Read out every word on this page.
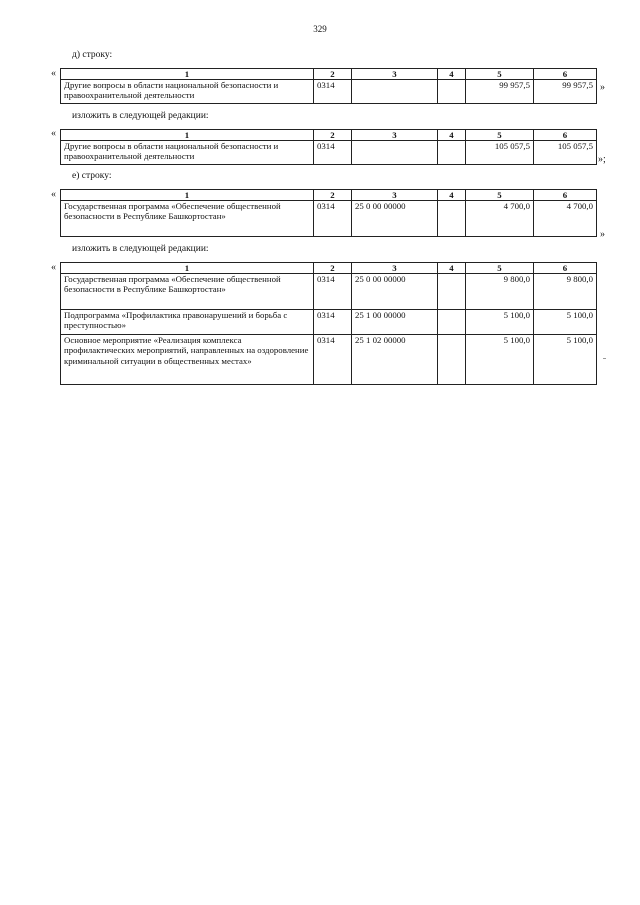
329
д) строку:
«	1	2	3	4	5	6
Другие вопросы в области национальной безопасности и правоохранительной деятельности	0314			99 957,5	99 957,5 »
изложить в следующей редакции:
«	1	2	3	4	5	6
Другие вопросы в области национальной безопасности и правоохранительной деятельности	0314			105 057,5	105 057,5
»;
е) строку:
«	1	2	3	4	5	6
Государственная программа «Обеспечение общественной безопасности в Республике Башкортостан»	0314	25 0 00 00000		4 700,0	4 700,0
»
изложить в следующей редакции:
«	1	2	3	4	5	6
Государственная программа «Обеспечение общественной безопасности в Республике Башкортостан»	0314	25 0 00 00000		9 800,0	9 800,0
Подпрограмма «Профилактика правонарушений и борьба с преступностью»	0314	25 1 00 00000		5 100,0	5 100,0
Основное мероприятие «Реализация комплекса профилактических мероприятий, направленных на оздоровление криминальной ситуации в общественных местах»	0314	25 1 02 00000		5 100,0	5 100,0
